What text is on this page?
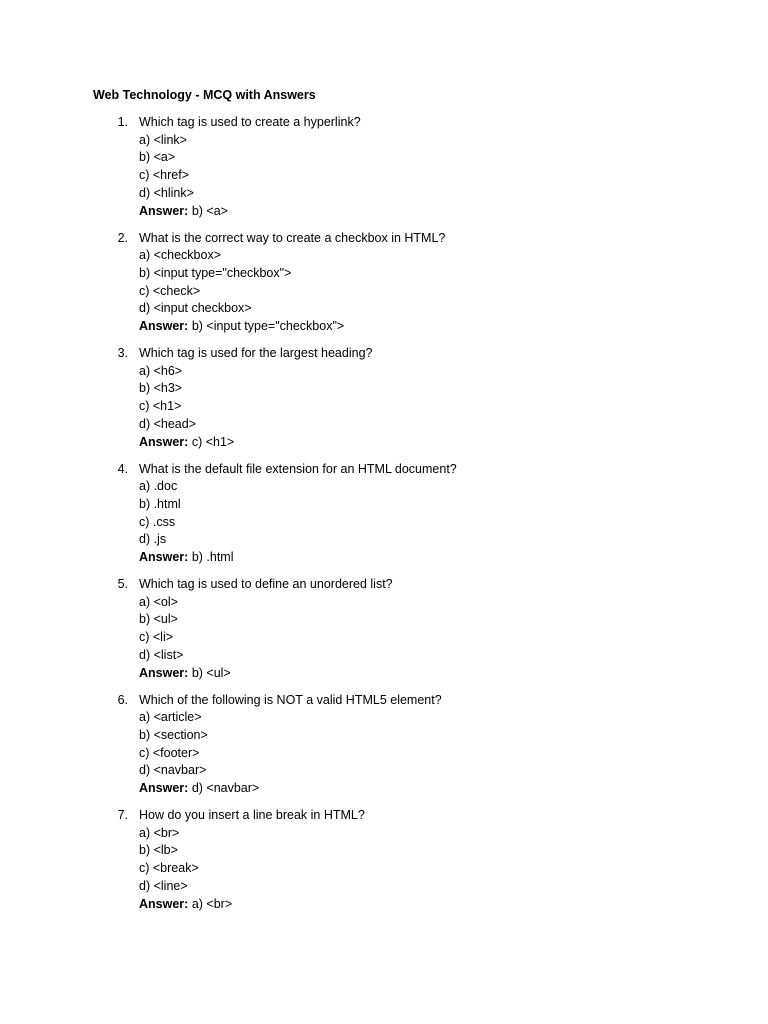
Web Technology - MCQ with Answers
1. Which tag is used to create a hyperlink?
a) <link>
b) <a>
c) <href>
d) <hlink>
Answer: b) <a>
2. What is the correct way to create a checkbox in HTML?
a) <checkbox>
b) <input type="checkbox">
c) <check>
d) <input checkbox>
Answer: b) <input type="checkbox">
3. Which tag is used for the largest heading?
a) <h6>
b) <h3>
c) <h1>
d) <head>
Answer: c) <h1>
4. What is the default file extension for an HTML document?
a) .doc
b) .html
c) .css
d) .js
Answer: b) .html
5. Which tag is used to define an unordered list?
a) <ol>
b) <ul>
c) <li>
d) <list>
Answer: b) <ul>
6. Which of the following is NOT a valid HTML5 element?
a) <article>
b) <section>
c) <footer>
d) <navbar>
Answer: d) <navbar>
7. How do you insert a line break in HTML?
a) <br>
b) <lb>
c) <break>
d) <line>
Answer: a) <br>
